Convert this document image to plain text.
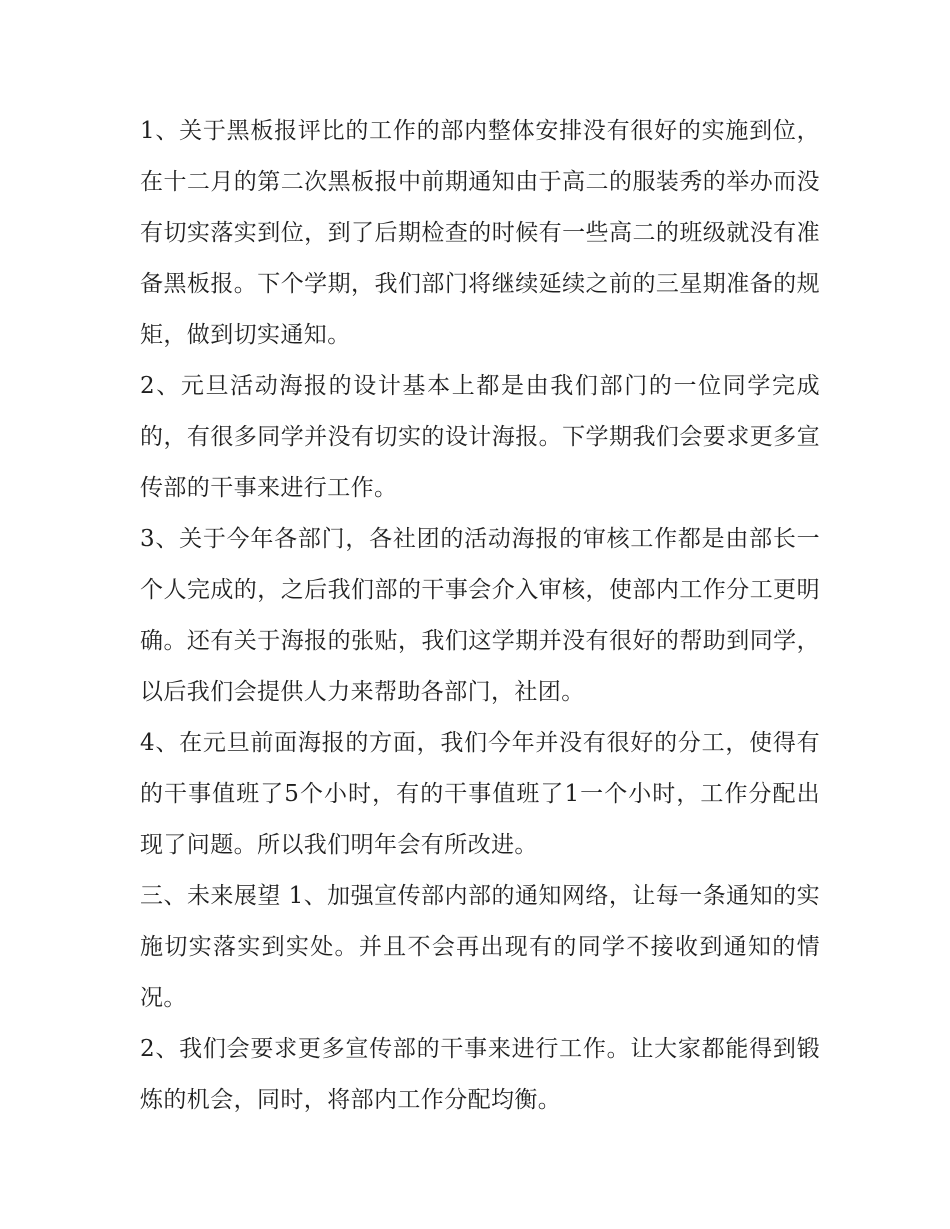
1、关于黑板报评比的工作的部内整体安排没有很好的实施到位，在十二月的第二次黑板报中前期通知由于高二的服装秀的举办而没有切实落实到位，到了后期检查的时候有一些高二的班级就没有准备黑板报。下个学期，我们部门将继续延续之前的三星期准备的规矩，做到切实通知。

2、元旦活动海报的设计基本上都是由我们部门的一位同学完成的，有很多同学并没有切实的设计海报。下学期我们会要求更多宣传部的干事来进行工作。

3、关于今年各部门，各社团的活动海报的审核工作都是由部长一个人完成的，之后我们部的干事会介入审核，使部内工作分工更明确。还有关于海报的张贴，我们这学期并没有很好的帮助到同学，以后我们会提供人力来帮助各部门，社团。

4、在元旦前面海报的方面，我们今年并没有很好的分工，使得有的干事值班了5个小时，有的干事值班了1一个小时，工作分配出现了问题。所以我们明年会有所改进。

三、未来展望 1、加强宣传部内部的通知网络，让每一条通知的实施切实落实到实处。并且不会再出现有的同学不接收到通知的情况。

2、我们会要求更多宣传部的干事来进行工作。让大家都能得到锻炼的机会，同时，将部内工作分配均衡。
